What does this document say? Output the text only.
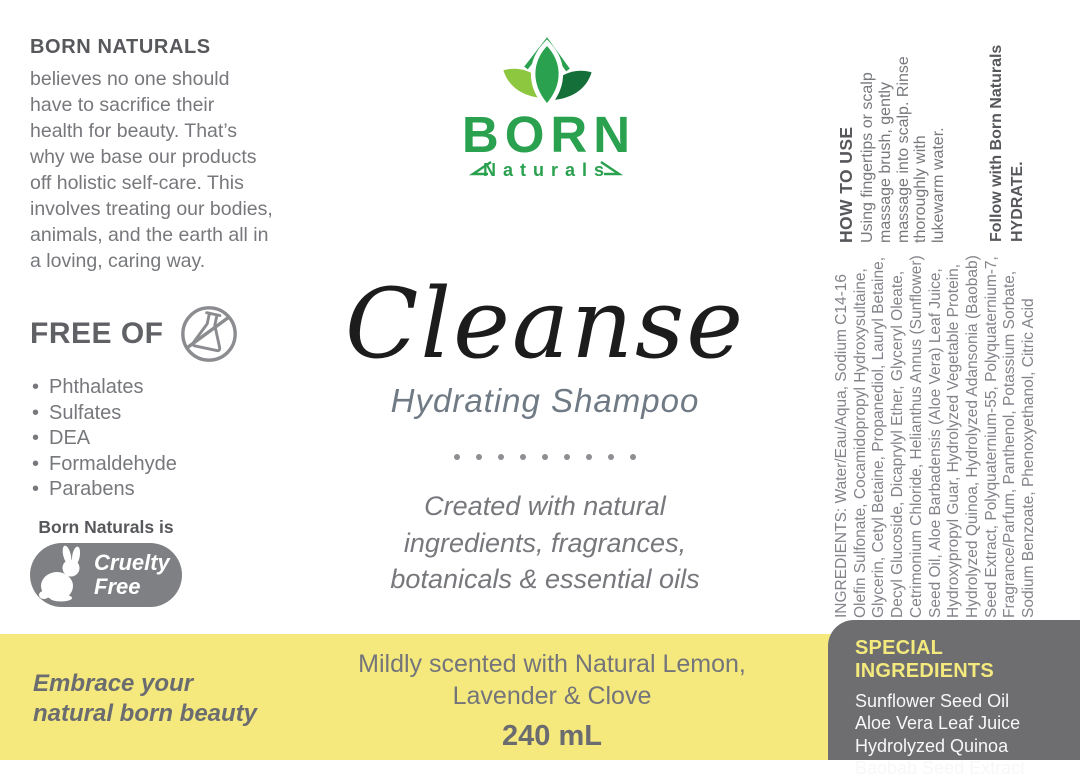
BORN NATURALS
believes no one should
have to sacrifice their
health for beauty. That’s
why we base our products
off holistic self-care. This
involves treating our bodies,
animals, and the earth all in
a loving, caring way.
BORN
Naturals	HOW TO USE Using fingertips or scalp massage brush, gently massage into scalp. Rinse thoroughly with lukewarm water.	Follow with Born Naturals HYDRATE.
INGREDIENTS: Water/Eau/Aqua, Sodium C14-16 Olefin Sulfonate, Cocamidopropyl Hydroxysultaine, Glycerin, Cetyl Betaine, Propanediol, Lauryl Betaine, Decyl Glucoside, Dicaprylyl Ether, Glyceryl Oleate, Cetrimonium Chloride, Helianthus Annus (Sunflower) Seed Oil, Aloe Barbadensis (Aloe Vera) Leaf Juice, Hydroxypropyl Guar, Hydrolyzed Vegetable Protein, Hydrolyzed Quinoa, Hydrolyzed Adansonia (Baobab) Seed Extract, Polyquaternium-55, Polyquaternium-7, Fragrance/Parfum, Panthenol, Potassium Sorbate, Sodium Benzoate, Phenoxyethanol, Citric Acid
FREE OF
• Phthalates
• Sulfates
• DEA
• Formaldehyde
• Parabens
Born Naturals is
Cruelty
Free
Cleanse
Hydrating Shampoo
Created with natural
ingredients, fragrances,
botanicals & essential oils
Embrace your
natural born beauty
Mildly scented with Natural Lemon,
Lavender & Clove
240 mL
SPECIAL INGREDIENTS
Sunflower Seed Oil
Aloe Vera Leaf Juice
Hydrolyzed Quinoa
Baobab Seed Extract
